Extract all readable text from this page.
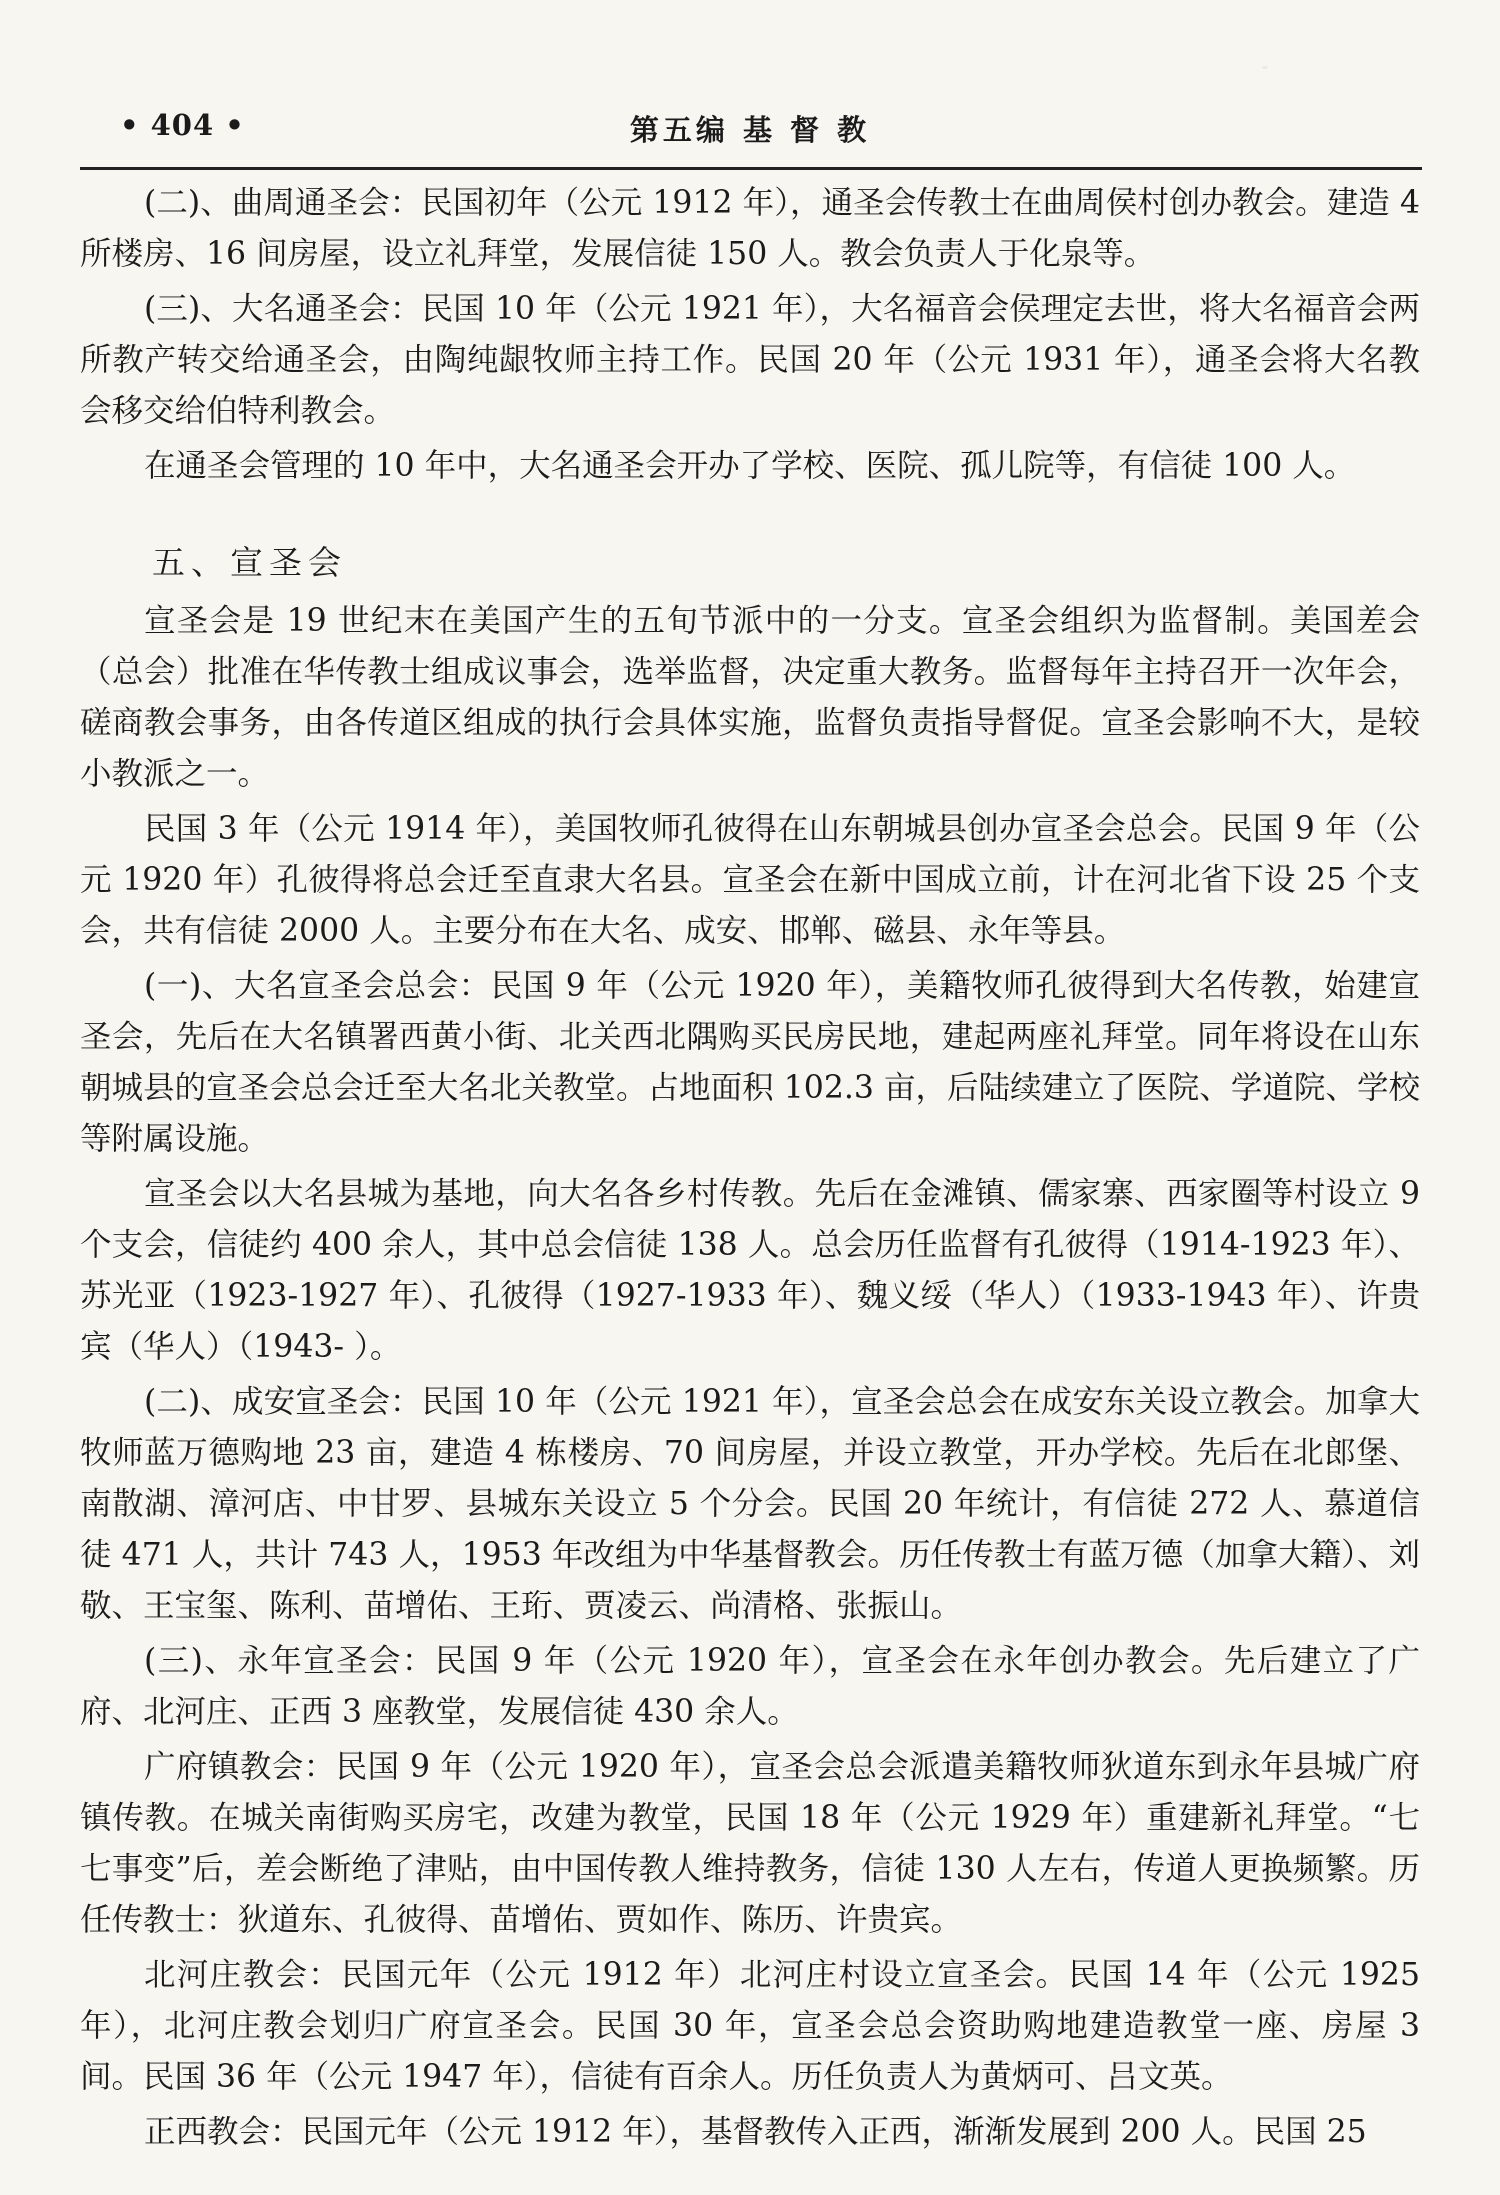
• 404 •	第五编 基 督 教

(二)、曲周通圣会：民国初年（公元 1912 年），通圣会传教士在曲周侯村创办教会。建造 4 所楼房、16 间房屋，设立礼拜堂，发展信徒 150 人。教会负责人于化泉等。

(三)、大名通圣会：民国 10 年（公元 1921 年），大名福音会侯理定去世，将大名福音会两所教产转交给通圣会，由陶纯龈牧师主持工作。民国 20 年（公元 1931 年），通圣会将大名教会移交给伯特利教会。

在通圣会管理的 10 年中，大名通圣会开办了学校、医院、孤儿院等，有信徒 100 人。

五、宣圣会

宣圣会是 19 世纪末在美国产生的五旬节派中的一分支。宣圣会组织为监督制。美国差会（总会）批准在华传教士组成议事会，选举监督，决定重大教务。监督每年主持召开一次年会，磋商教会事务，由各传道区组成的执行会具体实施，监督负责指导督促。宣圣会影响不大，是较小教派之一。

民国 3 年（公元 1914 年），美国牧师孔彼得在山东朝城县创办宣圣会总会。民国 9 年（公元 1920 年）孔彼得将总会迁至直隶大名县。宣圣会在新中国成立前，计在河北省下设 25 个支会，共有信徒 2000 人。主要分布在大名、成安、邯郸、磁县、永年等县。

(一)、大名宣圣会总会：民国 9 年（公元 1920 年），美籍牧师孔彼得到大名传教，始建宣圣会，先后在大名镇署西黄小街、北关西北隅购买民房民地，建起两座礼拜堂。同年将设在山东朝城县的宣圣会总会迁至大名北关教堂。占地面积 102.3 亩，后陆续建立了医院、学道院、学校等附属设施。

宣圣会以大名县城为基地，向大名各乡村传教。先后在金滩镇、儒家寨、西家圈等村设立 9 个支会，信徒约 400 余人，其中总会信徒 138 人。总会历任监督有孔彼得（1914-1923 年）、苏光亚（1923-1927 年）、孔彼得（1927-1933 年）、魏义绥（华人）（1933-1943 年）、许贵宾（华人）（1943- ）。

(二)、成安宣圣会：民国 10 年（公元 1921 年），宣圣会总会在成安东关设立教会。加拿大牧师蓝万德购地 23 亩，建造 4 栋楼房、70 间房屋，并设立教堂，开办学校。先后在北郎堡、南散湖、漳河店、中甘罗、县城东关设立 5 个分会。民国 20 年统计，有信徒 272 人、慕道信徒 471 人，共计 743 人，1953 年改组为中华基督教会。历任传教士有蓝万德（加拿大籍）、刘敬、王宝玺、陈利、苗增佑、王珩、贾凌云、尚清格、张振山。

(三)、永年宣圣会：民国 9 年（公元 1920 年），宣圣会在永年创办教会。先后建立了广府、北河庄、正西 3 座教堂，发展信徒 430 余人。

广府镇教会：民国 9 年（公元 1920 年），宣圣会总会派遣美籍牧师狄道东到永年县城广府镇传教。在城关南街购买房宅，改建为教堂，民国 18 年（公元 1929 年）重建新礼拜堂。“七七事变”后，差会断绝了津贴，由中国传教人维持教务，信徒 130 人左右，传道人更换频繁。历任传教士：狄道东、孔彼得、苗增佑、贾如作、陈历、许贵宾。

北河庄教会：民国元年（公元 1912 年）北河庄村设立宣圣会。民国 14 年（公元 1925 年），北河庄教会划归广府宣圣会。民国 30 年，宣圣会总会资助购地建造教堂一座、房屋 3 间。民国 36 年（公元 1947 年），信徒有百余人。历任负责人为黄炳可、吕文英。

正西教会：民国元年（公元 1912 年），基督教传入正西，渐渐发展到 200 人。民国 25
